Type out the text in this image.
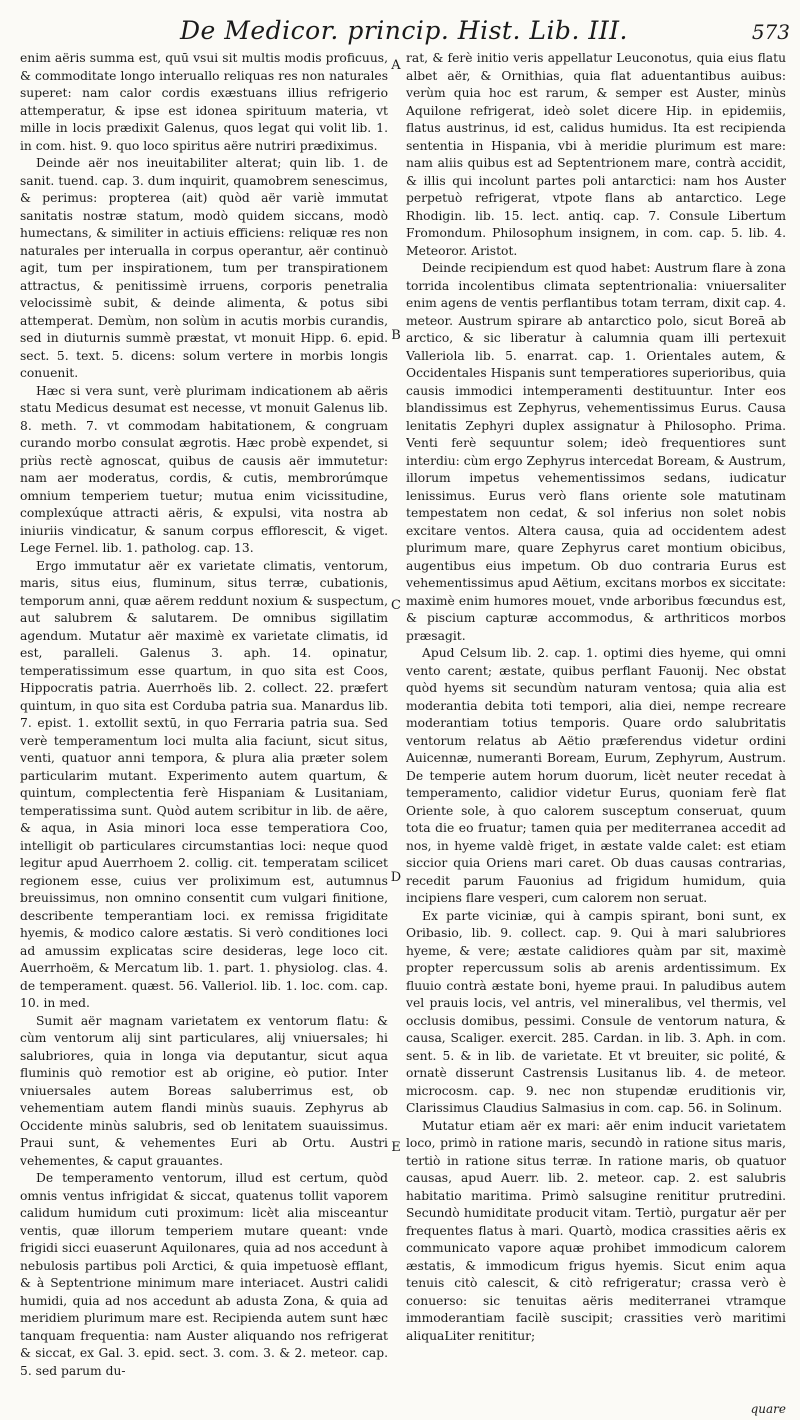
De Medicor. princip. Hist. Lib. III.	573

enim aëris summa est, quū vsui sit multis modis proficuus, & commoditate longo interuallo reliquas res non naturales superet: nam calor cordis exæstuans illius refrigerio attemperatur, & ipse est idonea spirituum materia, vt mille in locis prædixit Galenus, quos legat qui volit lib. 1. in com. hist. 9. quo loco spiritus aëre nutriri prædiximus.

Deinde aër nos ineuitabiliter alterat; quin lib. 1. de sanit. tuend. cap. 3. dum inquirit, quamobrem senescimus, & perimus: propterea (ait) quòd aër variè immutat sanitatis nostræ statum, modò quidem siccans, modò humectans, & similiter in actiuis efficiens: reliquæ res non naturales per interualla in corpus operantur, aër continuò agit, tum per inspirationem, tum per transpirationem attractus, & penitissimè irruens, corporis penetralia velocissimè subit, & deinde alimenta, & potus sibi attemperat. Demùm, non solùm in acutis morbis curandis, sed in diuturnis summè præstat, vt monuit Hipp. 6. epid. sect. 5. text. 5. dicens: solum vertere in morbis longis conuenit.

Hæc si vera sunt, verè plurimam indicationem ab aëris statu Medicus desumat est necesse, vt monuit Galenus lib. 8. meth. 7. vt commodam habitationem, & congruam curando morbo consulat ægrotis. Hæc probè expendet, si priùs rectè agnoscat, quibus de causis aër immutetur: nam aer moderatus, cordis, & cutis, membrorúmque omnium temperiem tuetur; mutua enim vicissitudine, complexúque attracti aëris, & expulsi, vita nostra ab iniuriis vindicatur, & sanum corpus efflorescit, & viget. Lege Fernel. lib. 1. patholog. cap. 13.

Ergo immutatur aër ex varietate climatis, ventorum, maris, situs eius, fluminum, situs terræ, cubationis, temporum anni, quæ aërem reddunt noxium & suspectum, aut salubrem & salutarem. De omnibus sigillatim agendum. Mutatur aër maximè ex varietate climatis, id est, paralleli. Galenus 3. aph. 14. opinatur, temperatissimum esse quartum, in quo sita est Coos, Hippocratis patria. Auerrhoës lib. 2. collect. 22. præfert quintum, in quo sita est Corduba patria sua. Manardus lib. 7. epist. 1. extollit sextū, in quo Ferraria patria sua. Sed verè temperamentum loci multa alia faciunt, sicut situs, venti, quatuor anni tempora, & plura alia præter solem particularim mutant. Experimento autem quartum, & quintum, complectentia ferè Hispaniam & Lusitaniam, temperatissima sunt. Quòd autem scribitur in lib. de aëre, & aqua, in Asia minori loca esse temperatiora Coo, intelligit ob particulares circumstantias loci: neque quod legitur apud Auerrhoem 2. collig. cit. temperatam scilicet regionem esse, cuius ver proliximum est, autumnus breuissimus, non omnino consentit cum vulgari finitione, describente temperantiam loci. ex remissa frigiditate hyemis, & modico calore æstatis. Si verò conditiones loci ad amussim explicatas scire desideras, lege loco cit. Auerrhoëm, & Mercatum lib. 1. part. 1. physiolog. clas. 4. de temperament. quæst. 56. Valleriol. lib. 1. loc. com. cap. 10. in med.

Sumit aër magnam varietatem ex ventorum flatu: & cùm ventorum alij sint particulares, alij vniuersales; hi salubriores, quia in longa via deputantur, sicut aqua fluminis quò remotior est ab origine, eò putior. Inter vniuersales autem Boreas saluberrimus est, ob vehementiam autem flandi minùs suauis. Zephyrus ab Occidente minùs salubris, sed ob lenitatem suauissimus. Praui sunt, & vehementes Euri ab Ortu. Austri vehementes, & caput grauantes.

De temperamento ventorum, illud est certum, quòd omnis ventus infrigidat & siccat, quatenus tollit vaporem calidum humidum cuti proximum: licèt alia misceantur ventis, quæ illorum temperiem mutare queant: vnde frigidi sicci euaserunt Aquilonares, quia ad nos accedunt à nebulosis partibus poli Arctici, & quia impetuosè efflant, & à Septentrione minimum mare interiacet. Austri calidi humidi, quia ad nos accedunt ab adusta Zona, & quia ad meridiem plurimum mare est. Recipienda autem sunt hæc tanquam frequentia: nam Auster aliquando nos refrigerat & siccat, ex Gal. 3. epid. sect. 3. com. 3. & 2. meteor. cap. 5. sed parum du-

A
B
C
D
E

rat, & ferè initio veris appellatur Leuconotus, quia eius flatu albet aër, & Ornithias, quia flat aduentantibus auibus: verùm quia hoc est rarum, & semper est Auster, minùs Aquilone refrigerat, ideò solet dicere Hip. in epidemiis, flatus austrinus, id est, calidus humidus. Ita est recipienda sententia in Hispania, vbi à meridie plurimum est mare: nam aliis quibus est ad Septentrionem mare, contrà accidit, & illis qui incolunt partes poli antarctici: nam hos Auster perpetuò refrigerat, vtpote flans ab antarctico. Lege Rhodigin. lib. 15. lect. antiq. cap. 7. Consule Libertum Fromondum. Philosophum insignem, in com. cap. 5. lib. 4. Meteoror. Aristot.

Deinde recipiendum est quod habet: Austrum flare à zona torrida incolentibus climata septentrionalia: vniuersaliter enim agens de ventis perflantibus totam terram, dixit cap. 4. meteor. Austrum spirare ab antarctico polo, sicut Boreā ab arctico, & sic liberatur à calumnia quam illi pertexuit Valleriola lib. 5. enarrat. cap. 1. Orientales autem, & Occidentales Hispanis sunt temperatiores superioribus, quia causis immodici intemperamenti destituuntur. Inter eos blandissimus est Zephyrus, vehementissimus Eurus. Causa lenitatis Zephyri duplex assignatur à Philosopho. Prima. Venti ferè sequuntur solem; ideò frequentiores sunt interdiu: cùm ergo Zephyrus intercedat Boream, & Austrum, illorum impetus vehementissimos sedans, iudicatur lenissimus. Eurus verò flans oriente sole matutinam tempestatem non cedat, & sol inferius non solet nobis excitare ventos. Altera causa, quia ad occidentem adest plurimum mare, quare Zephyrus caret montium obicibus, augentibus eius impetum. Ob duo contraria Eurus est vehementissimus apud Aëtium, excitans morbos ex siccitate: maximè enim humores mouet, vnde arboribus fœcundus est, & piscium capturæ accommodus, & arthriticos morbos præsagit.

Apud Celsum lib. 2. cap. 1. optimi dies hyeme, qui omni vento carent; æstate, quibus perflant Fauonij. Nec obstat quòd hyems sit secundùm naturam ventosa; quia alia est moderantia debita toti tempori, alia diei, nempe recreare moderantiam totius temporis. Quare ordo salubritatis ventorum relatus ab Aëtio præferendus videtur ordini Auicennæ, numeranti Boream, Eurum, Zephyrum, Austrum. De temperie autem horum duorum, licèt neuter recedat à temperamento, calidior videtur Eurus, quoniam ferè flat Oriente sole, à quo calorem susceptum conseruat, quum tota die eo fruatur; tamen quia per mediterranea accedit ad nos, in hyeme valdè friget, in æstate valde calet: est etiam siccior quia Oriens mari caret. Ob duas causas contrarias, recedit parum Fauonius ad frigidum humidum, quia incipiens flare vesperi, cum calorem non seruat.

Ex parte viciniæ, qui à campis spirant, boni sunt, ex Oribasio, lib. 9. collect. cap. 9. Qui à mari salubriores hyeme, & vere; æstate calidiores quàm par sit, maximè propter repercussum solis ab arenis ardentissimum. Ex fluuio contrà æstate boni, hyeme praui. In paludibus autem vel prauis locis, vel antris, vel mineralibus, vel thermis, vel occlusis domibus, pessimi. Consule de ventorum natura, & causa, Scaliger. exercit. 285. Cardan. in lib. 3. Aph. in com. sent. 5. & in lib. de varietate. Et vt breuiter, sic polité, & ornatè disserunt Castrensis Lusitanus lib. 4. de meteor. microcosm. cap. 9. nec non stupendæ eruditionis vir, Clarissimus Claudius Salmasius in com. cap. 56. in Solinum.

Mutatur etiam aër ex mari: aër enim inducit varietatem loco, primò in ratione maris, secundò in ratione situs maris, tertiò in ratione situs terræ. In ratione maris, ob quatuor causas, apud Auerr. lib. 2. meteor. cap. 2. est salubris habitatio maritima. Primò salsugine renititur prutredini. Secundò humiditate producit vitam. Tertiò, purgatur aër per frequentes flatus à mari. Quartò, modica crassities aëris ex communicato vapore aquæ prohibet immodicum calorem æstatis, & immodicum frigus hyemis. Sicut enim aqua tenuis citò calescit, & citò refrigeratur; crassa verò è conuerso: sic tenuitas aëris mediterranei vtramque immoderantiam facilè suscipit; crassities verò maritimi aliquaLiter renititur;

quare
